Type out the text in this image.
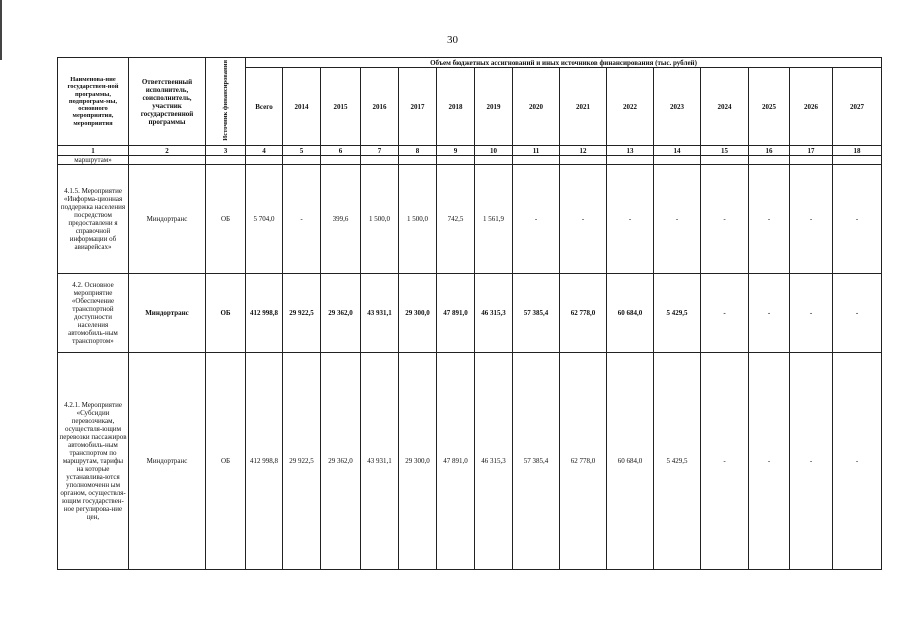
30
Наименова-ние государствен-ной программы, подпрограм-мы, основного мероприятия, мероприятия	Ответственный исполнитель, соисполнитель, участник государственной программы	Источник финансирования	Объем бюджетных ассигнований и иных источников финансирования (тыс. рублей)														
			Всего	2014	2015	2016	2017	2018	2019	2020	2021	2022	2023	2024	2025	2026	2027
1	2	3	4	5	6	7	8	9	10	11	12	13	14	15	16	17	18
маршрутам»																	
4.1.5. Мероприятие «Информа-ционная поддержка населения посредством предоставлени я справочной информации об авиарейсах»	Миндортранс	ОБ	5 704,0	-	399,6	1 500,0	1 500,0	742,5	1 561,9	-	-	-	-	-	-	-	-
4.2. Основное мероприятие «Обеспечение транспортной доступности населения автомобиль-ным транспортом»	Миндортранс	ОБ	412 998,8	29 922,5	29 362,0	43 931,1	29 300,0	47 891,0	46 315,3	57 385,4	62 778,0	60 684,0	5 429,5	-	-	-	-
4.2.1. Мероприятие «Субсидии перевозчикам, осуществля-ющим перевозки пассажиров автомобиль-ным транспортом по маршрутам, тарифы на которые устанавлива-ются уполномоченн ым органом, осуществля-ющим государствен-ное регулирова-ние цен,	Миндортранс	ОБ	412 998,8	29 922,5	29 362,0	43 931,1	29 300,0	47 891,0	46 315,3	57 385,4	62 778,0	60 684,0	5 429,5	-	-	-	-
